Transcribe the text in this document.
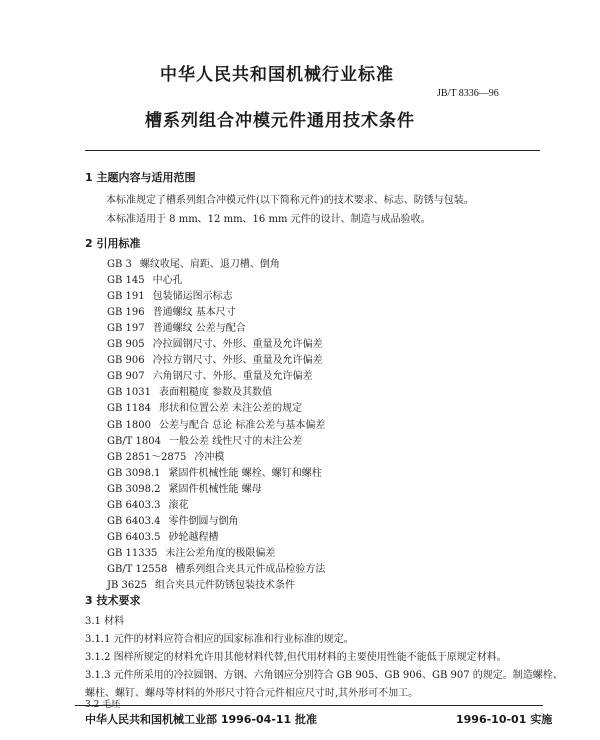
中华人民共和国机械行业标准
JB/T 8336—96
槽系列组合冲模元件通用技术条件
1 主题内容与适用范围
本标准规定了槽系列组合冲模元件(以下简称元件)的技术要求、标志、防锈与包装。
本标准适用于 8 mm、12 mm、16 mm 元件的设计、制造与成品验收。
2 引用标准
GB 3 螺纹收尾、肩距、退刀槽、倒角
GB 145 中心孔
GB 191 包装储运图示标志
GB 196 普通螺纹 基本尺寸
GB 197 普通螺纹 公差与配合
GB 905 冷拉圆钢尺寸、外形、重量及允许偏差
GB 906 冷拉方钢尺寸、外形、重量及允许偏差
GB 907 六角钢尺寸、外形、重量及允许偏差
GB 1031 表面粗糙度 参数及其数值
GB 1184 形状和位置公差 未注公差的规定
GB 1800 公差与配合 总论 标准公差与基本偏差
GB/T 1804 一般公差 线性尺寸的未注公差
GB 2851～2875 冷冲模
GB 3098.1 紧固件机械性能 螺栓、螺钉和螺柱
GB 3098.2 紧固件机械性能 螺母
GB 6403.3 滚花
GB 6403.4 零件倒圆与倒角
GB 6403.5 砂轮越程槽
GB 11335 未注公差角度的极限偏差
GB/T 12558 槽系列组合夹具元件成品检验方法
JB 3625 组合夹具元件防锈包装技术条件
3 技术要求
3.1 材料
3.1.1 元件的材料应符合相应的国家标准和行业标准的规定。
3.1.2 图样所规定的材料允许用其他材料代替,但代用材料的主要使用性能不能低于原规定材料。
3.1.3 元件所采用的冷拉圆钢、方钢、六角钢应分别符合 GB 905、GB 906、GB 907 的规定。制造螺栓、
螺柱、螺钉、螺母等材料的外形尺寸符合元件相应尺寸时,其外形可不加工。
3.2 毛坯
中华人民共和国机械工业部 1996-04-11 批准	1996-10-01 实施
